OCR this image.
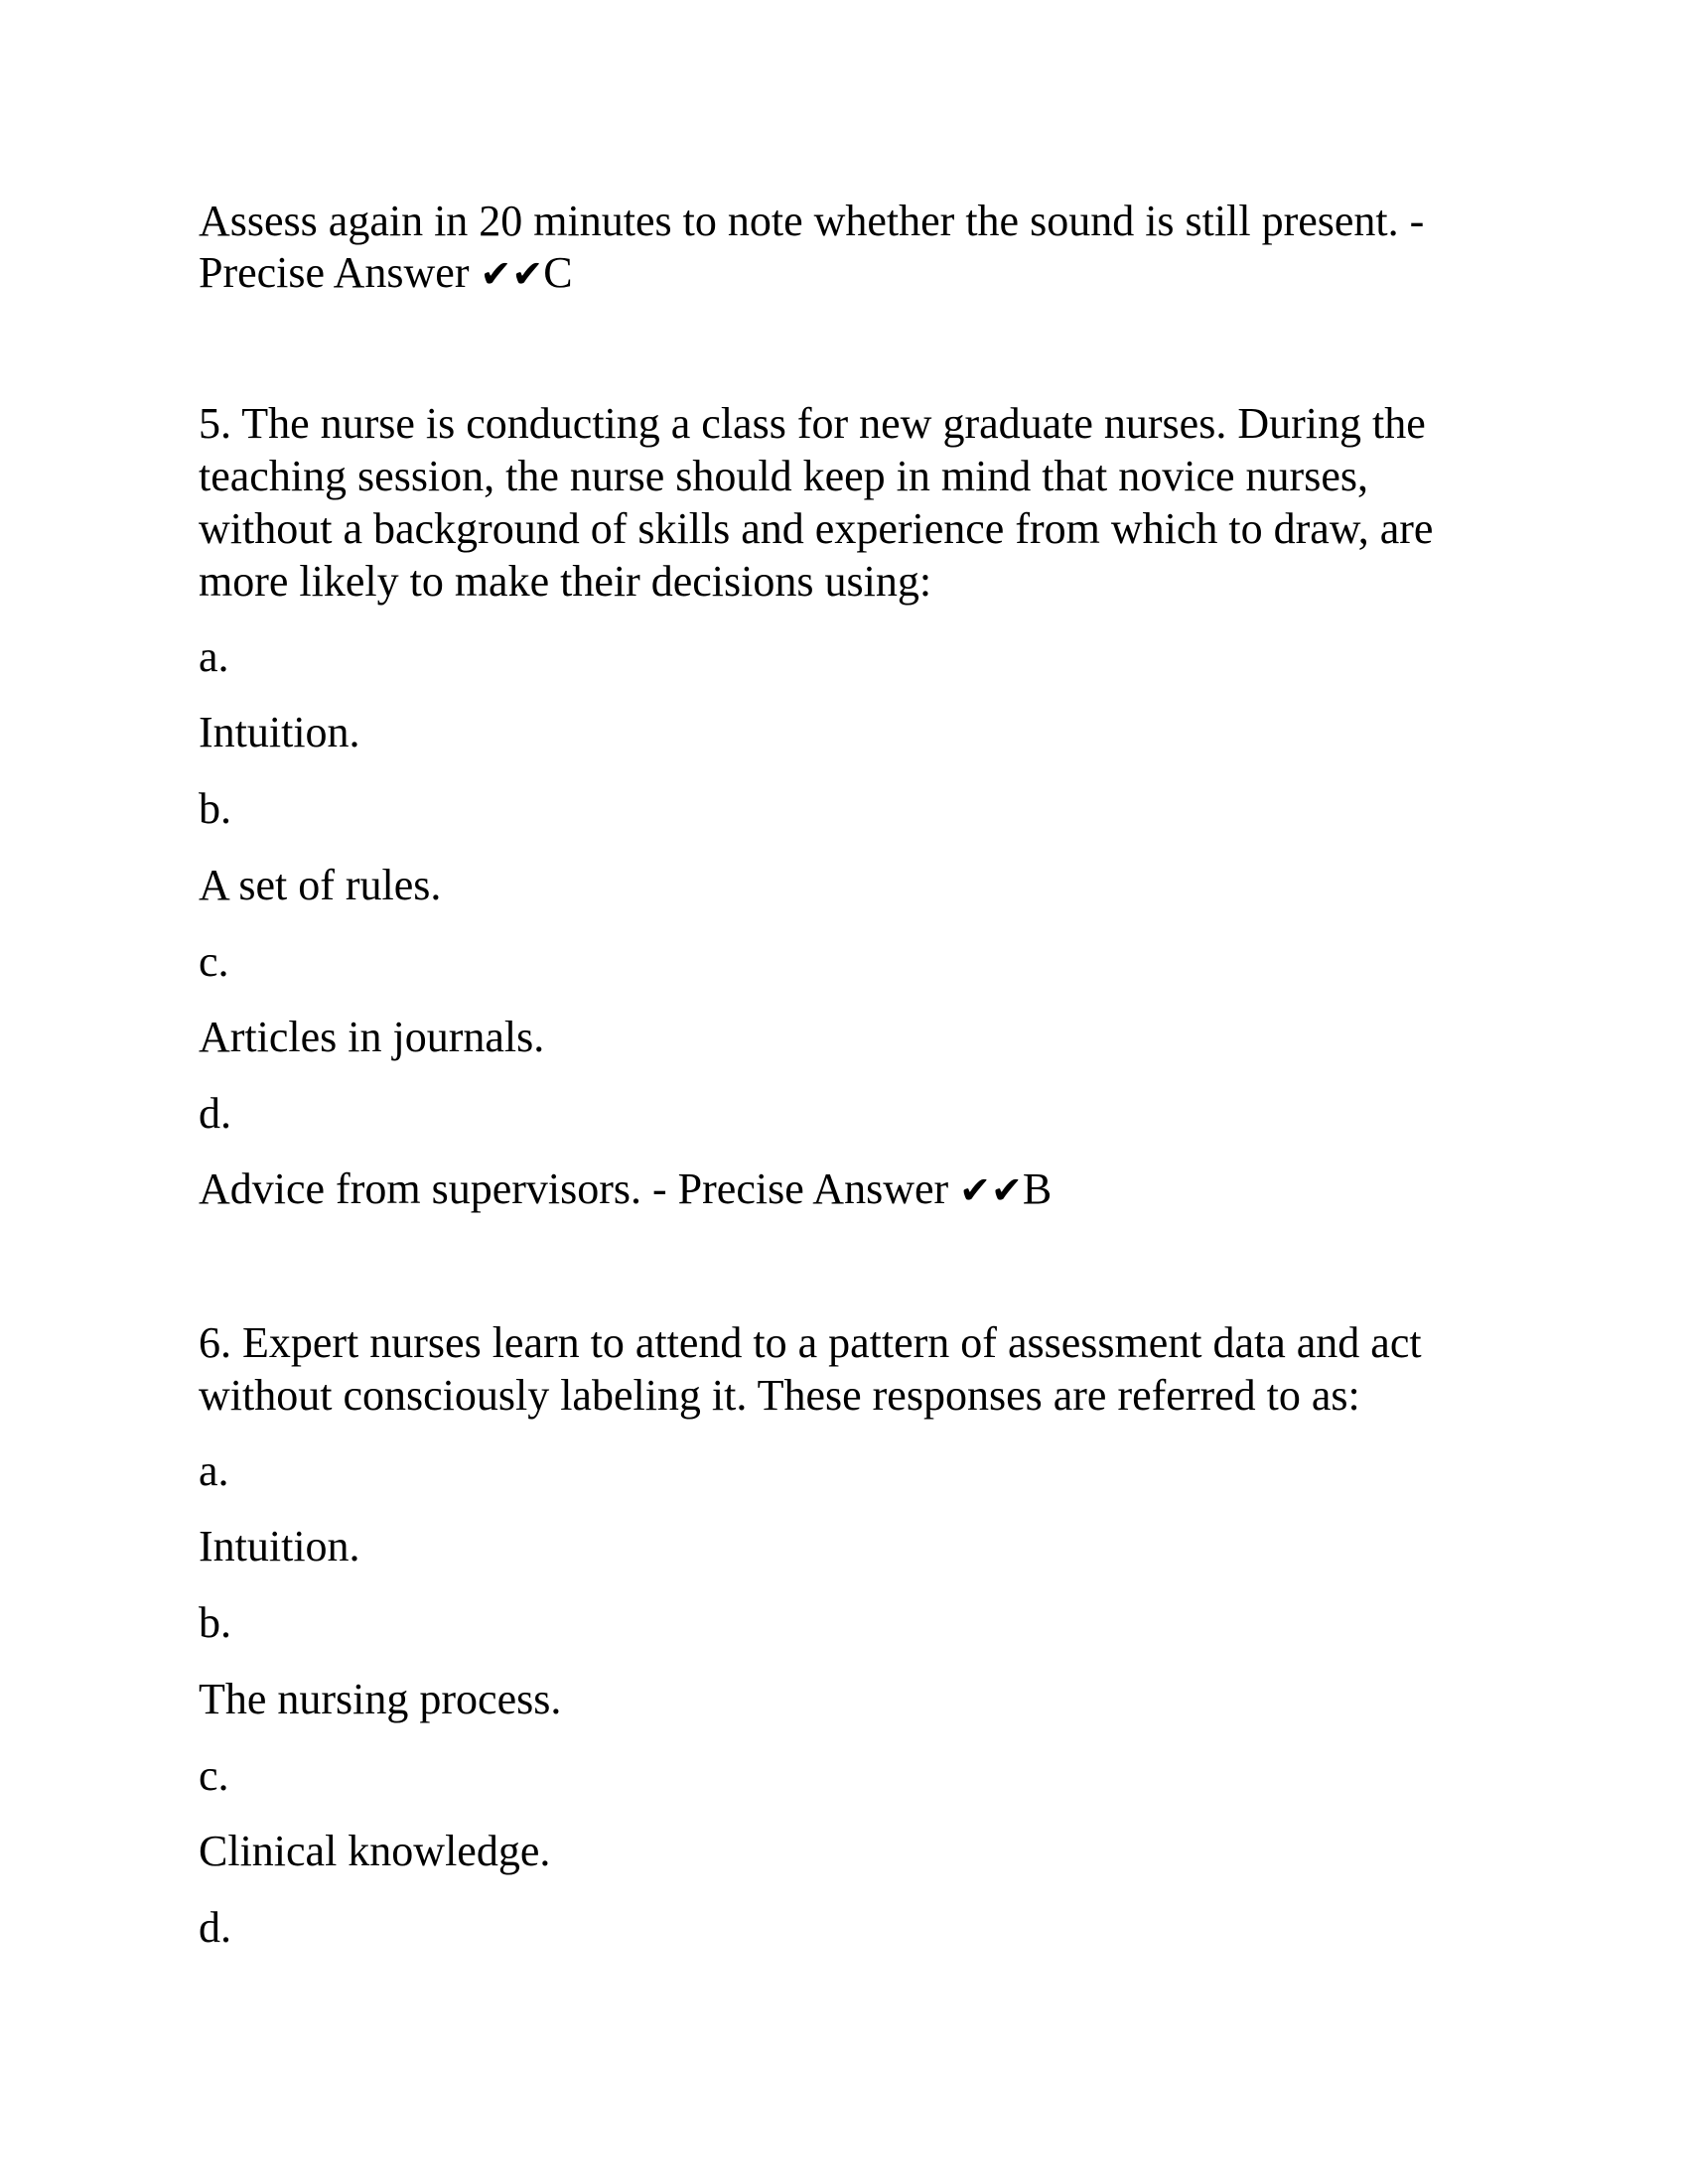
Assess again in 20 minutes to note whether the sound is still present. -

Precise Answer ✔✔C

5. The nurse is conducting a class for new graduate nurses. During the

teaching session, the nurse should keep in mind that novice nurses,

without a background of skills and experience from which to draw, are

more likely to make their decisions using:

a.

Intuition.

b.

A set of rules.

c.

Articles in journals.

d.

Advice from supervisors. - Precise Answer ✔✔B

6. Expert nurses learn to attend to a pattern of assessment data and act

without consciously labeling it. These responses are referred to as:

a.

Intuition.

b.

The nursing process.

c.

Clinical knowledge.

d.
